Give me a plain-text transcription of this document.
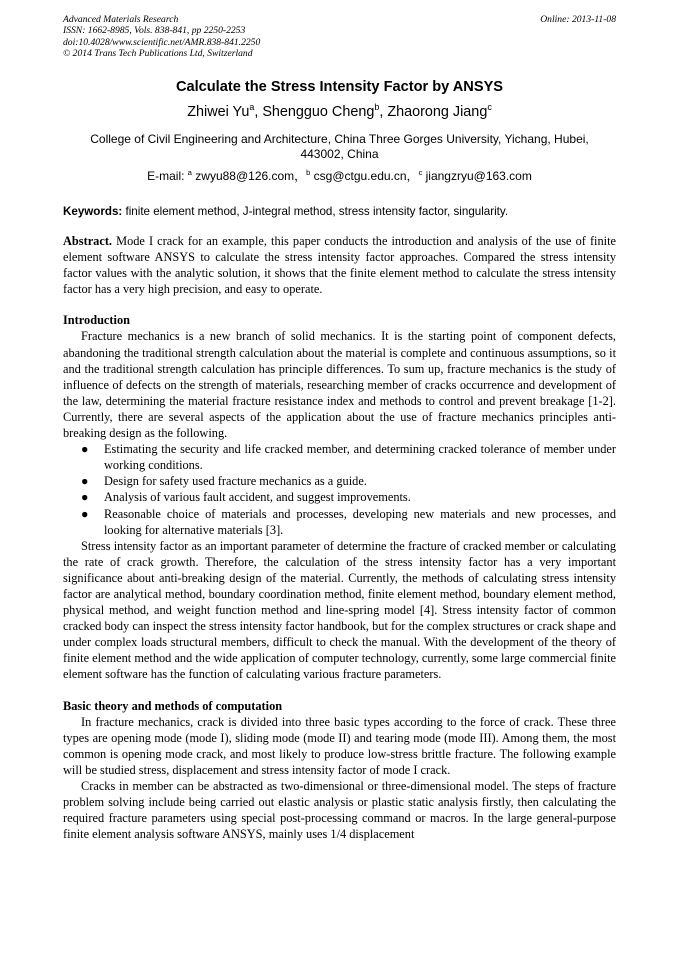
Advanced Materials Research
ISSN: 1662-8985, Vols. 838-841, pp 2250-2253
doi:10.4028/www.scientific.net/AMR.838-841.2250
© 2014 Trans Tech Publications Ltd, Switzerland
Online: 2013-11-08
Calculate the Stress Intensity Factor by ANSYS
Zhiwei Yu$^a$, Shengguo Cheng$^b$, Zhaorong Jiang$^c$
College of Civil Engineering and Architecture, China Three Gorges University, Yichang, Hubei,
443002, China
E-mail: $^a$ zwyu88@126.com，$^b$ csg@ctgu.edu.cn，$^c$ jiangzryu@163.com
Keywords: finite element method, J-integral method, stress intensity factor, singularity.

Abstract. Mode I crack for an example, this paper conducts the introduction and analysis of the use of finite element software ANSYS to calculate the stress intensity factor approaches. Compared the stress intensity factor values with the analytic solution, it shows that the finite element method to calculate the stress intensity factor has a very high precision, and easy to operate.

Introduction

Fracture mechanics is a new branch of solid mechanics. It is the starting point of component defects, abandoning the traditional strength calculation about the material is complete and continuous assumptions, so it and the traditional strength calculation has principle differences. To sum up, fracture mechanics is the study of influence of defects on the strength of materials, researching member of cracks occurrence and development of the law, determining the material fracture resistance index and methods to control and prevent breakage [1-2]. Currently, there are several aspects of the application about the use of fracture mechanics principles anti-breaking design as the following.

● Estimating the security and life cracked member, and determining cracked tolerance of member under working conditions.
● Design for safety used fracture mechanics as a guide.
● Analysis of various fault accident, and suggest improvements.
● Reasonable choice of materials and processes, developing new materials and new processes, and looking for alternative materials [3].

Stress intensity factor as an important parameter of determine the fracture of cracked member or calculating the rate of crack growth. Therefore, the calculation of the stress intensity factor has a very important significance about anti-breaking design of the material. Currently, the methods of calculating stress intensity factor are analytical method, boundary coordination method, finite element method, boundary element method, physical method, and weight function method and line-spring model [4]. Stress intensity factor of common cracked body can inspect the stress intensity factor handbook, but for the complex structures or crack shape and under complex loads structural members, difficult to check the manual. With the development of the theory of finite element method and the wide application of computer technology, currently, some large commercial finite element software has the function of calculating various fracture parameters.

Basic theory and methods of computation

In fracture mechanics, crack is divided into three basic types according to the force of crack. These three types are opening mode (mode I), sliding mode (mode II) and tearing mode (mode III). Among them, the most common is opening mode crack, and most likely to produce low-stress brittle fracture. The following example will be studied stress, displacement and stress intensity factor of mode I crack.

Cracks in member can be abstracted as two-dimensional or three-dimensional model. The steps of fracture problem solving include being carried out elastic analysis or plastic static analysis firstly, then calculating the required fracture parameters using special post-processing command or macros. In the large general-purpose finite element analysis software ANSYS, mainly uses 1/4 displacement
